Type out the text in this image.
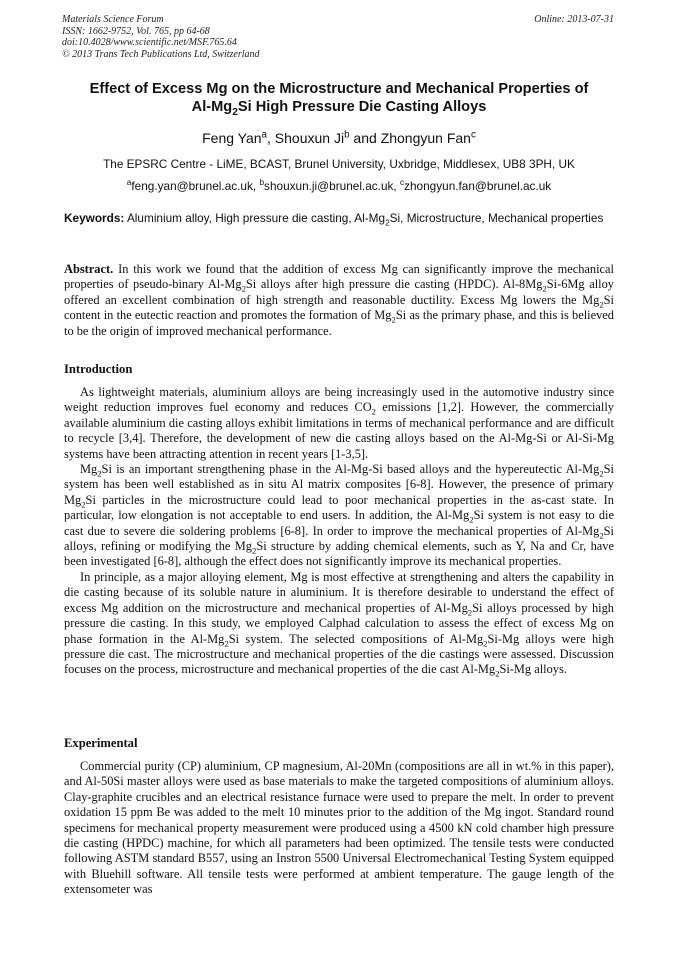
Materials Science Forum
ISSN: 1662-9752, Vol. 765, pp 64-68
doi:10.4028/www.scientific.net/MSF.765.64
© 2013 Trans Tech Publications Ltd, Switzerland
Online: 2013-07-31
Effect of Excess Mg on the Microstructure and Mechanical Properties of
$Al-Mg_2Si$ High Pressure Die Casting Alloys
Feng Yan$^a$, Shouxun Ji$^b$ and Zhongyun Fan$^c$
The EPSRC Centre - LiME, BCAST, Brunel University, Uxbridge, Middlesex, UB8 3PH, UK
$^a$feng.yan@brunel.ac.uk, $^b$shouxun.ji@brunel.ac.uk, $^c$zhongyun.fan@brunel.ac.uk
Keywords: Aluminium alloy, High pressure die casting, $Al-Mg_2Si$, Microstructure, Mechanical properties

Abstract. In this work we found that the addition of excess Mg can significantly improve the mechanical properties of pseudo-binary $Al-Mg_2Si$ alloys after high pressure die casting (HPDC). $Al-8Mg_2Si-6Mg$ alloy offered an excellent combination of high strength and reasonable ductility. Excess Mg lowers the $Mg_2Si$ content in the eutectic reaction and promotes the formation of $Mg_2Si$ as the primary phase, and this is believed to be the origin of improved mechanical performance.

Introduction

As lightweight materials, aluminium alloys are being increasingly used in the automotive industry since weight reduction improves fuel economy and reduces $CO_2$ emissions [1,2]. However, the commercially available aluminium die casting alloys exhibit limitations in terms of mechanical performance and are difficult to recycle [3,4]. Therefore, the development of new die casting alloys based on the Al-Mg-Si or Al-Si-Mg systems have been attracting attention in recent years [1-3,5].

$Mg_2Si$ is an important strengthening phase in the Al-Mg-Si based alloys and the hypereutectic $Al-Mg_2Si$ system has been well established as in situ Al matrix composites [6-8]. However, the presence of primary $Mg_2Si$ particles in the microstructure could lead to poor mechanical properties in the as-cast state. In particular, low elongation is not acceptable to end users. In addition, the $Al-Mg_2Si$ system is not easy to die cast due to severe die soldering problems [6-8]. In order to improve the mechanical properties of $Al-Mg_2Si$ alloys, refining or modifying the $Mg_2Si$ structure by adding chemical elements, such as Y, Na and Cr, have been investigated [6-8], although the effect does not significantly improve its mechanical properties.

In principle, as a major alloying element, Mg is most effective at strengthening and alters the capability in die casting because of its soluble nature in aluminium. It is therefore desirable to understand the effect of excess Mg addition on the microstructure and mechanical properties of $Al-Mg_2Si$ alloys processed by high pressure die casting. In this study, we employed Calphad calculation to assess the effect of excess Mg on phase formation in the $Al-Mg_2Si$ system. The selected compositions of $Al-Mg_2Si-Mg$ alloys were high pressure die cast. The microstructure and mechanical properties of the die castings were assessed. Discussion focuses on the process, microstructure and mechanical properties of the die cast $Al-Mg_2Si-Mg$ alloys.

Experimental

Commercial purity (CP) aluminium, CP magnesium, Al-20Mn (compositions are all in wt.% in this paper), and Al-50Si master alloys were used as base materials to make the targeted compositions of aluminium alloys. Clay-graphite crucibles and an electrical resistance furnace were used to prepare the melt. In order to prevent oxidation 15 ppm Be was added to the melt 10 minutes prior to the addition of the Mg ingot. Standard round specimens for mechanical property measurement were produced using a 4500 kN cold chamber high pressure die casting (HPDC) machine, for which all parameters had been optimized. The tensile tests were conducted following ASTM standard B557, using an Instron 5500 Universal Electromechanical Testing System equipped with Bluehill software. All tensile tests were performed at ambient temperature. The gauge length of the extensometer was
